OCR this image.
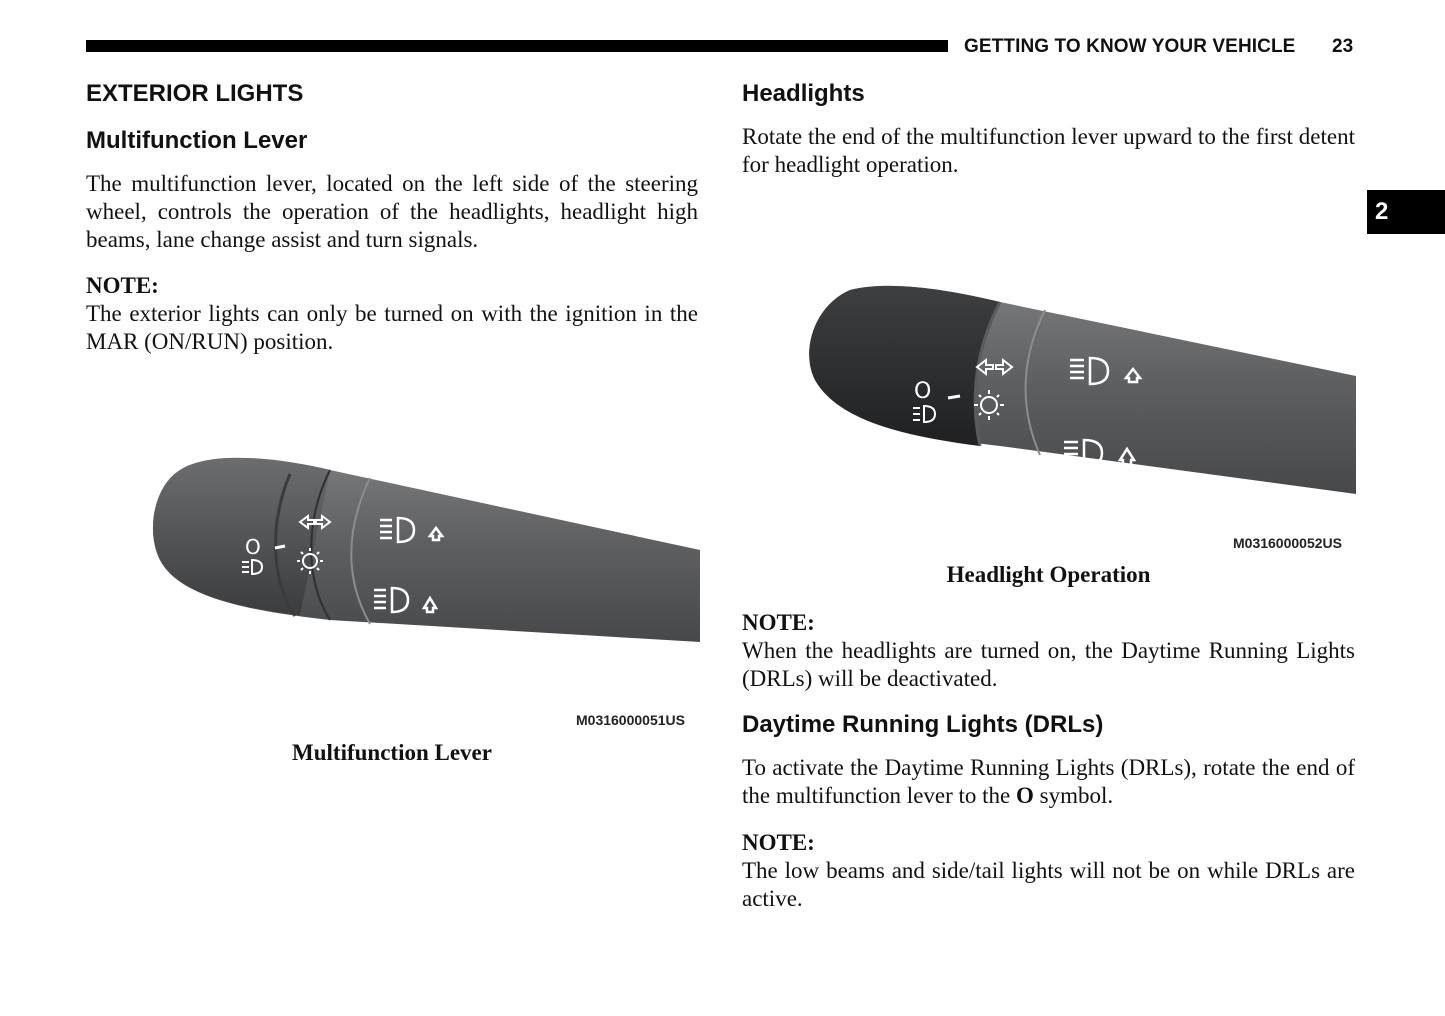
GETTING TO KNOW YOUR VEHICLE 23
2
EXTERIOR LIGHTS
Multifunction Lever
The multifunction lever, located on the left side of the steering wheel, controls the operation of the headlights, headlight high beams, lane change assist and turn signals.
NOTE:
The exterior lights can only be turned on with the ignition in the MAR (ON/RUN) position.
O
M0316000051US
Multifunction Lever
Headlights
Rotate the end of the multifunction lever upward to the first detent for headlight operation.
O
M0316000052US
Headlight Operation
NOTE:
When the headlights are turned on, the Daytime Running Lights (DRLs) will be deactivated.
Daytime Running Lights (DRLs)
To activate the Daytime Running Lights (DRLs), rotate the end of the multifunction lever to the O symbol.
NOTE:
The low beams and side/tail lights will not be on while DRLs are active.
